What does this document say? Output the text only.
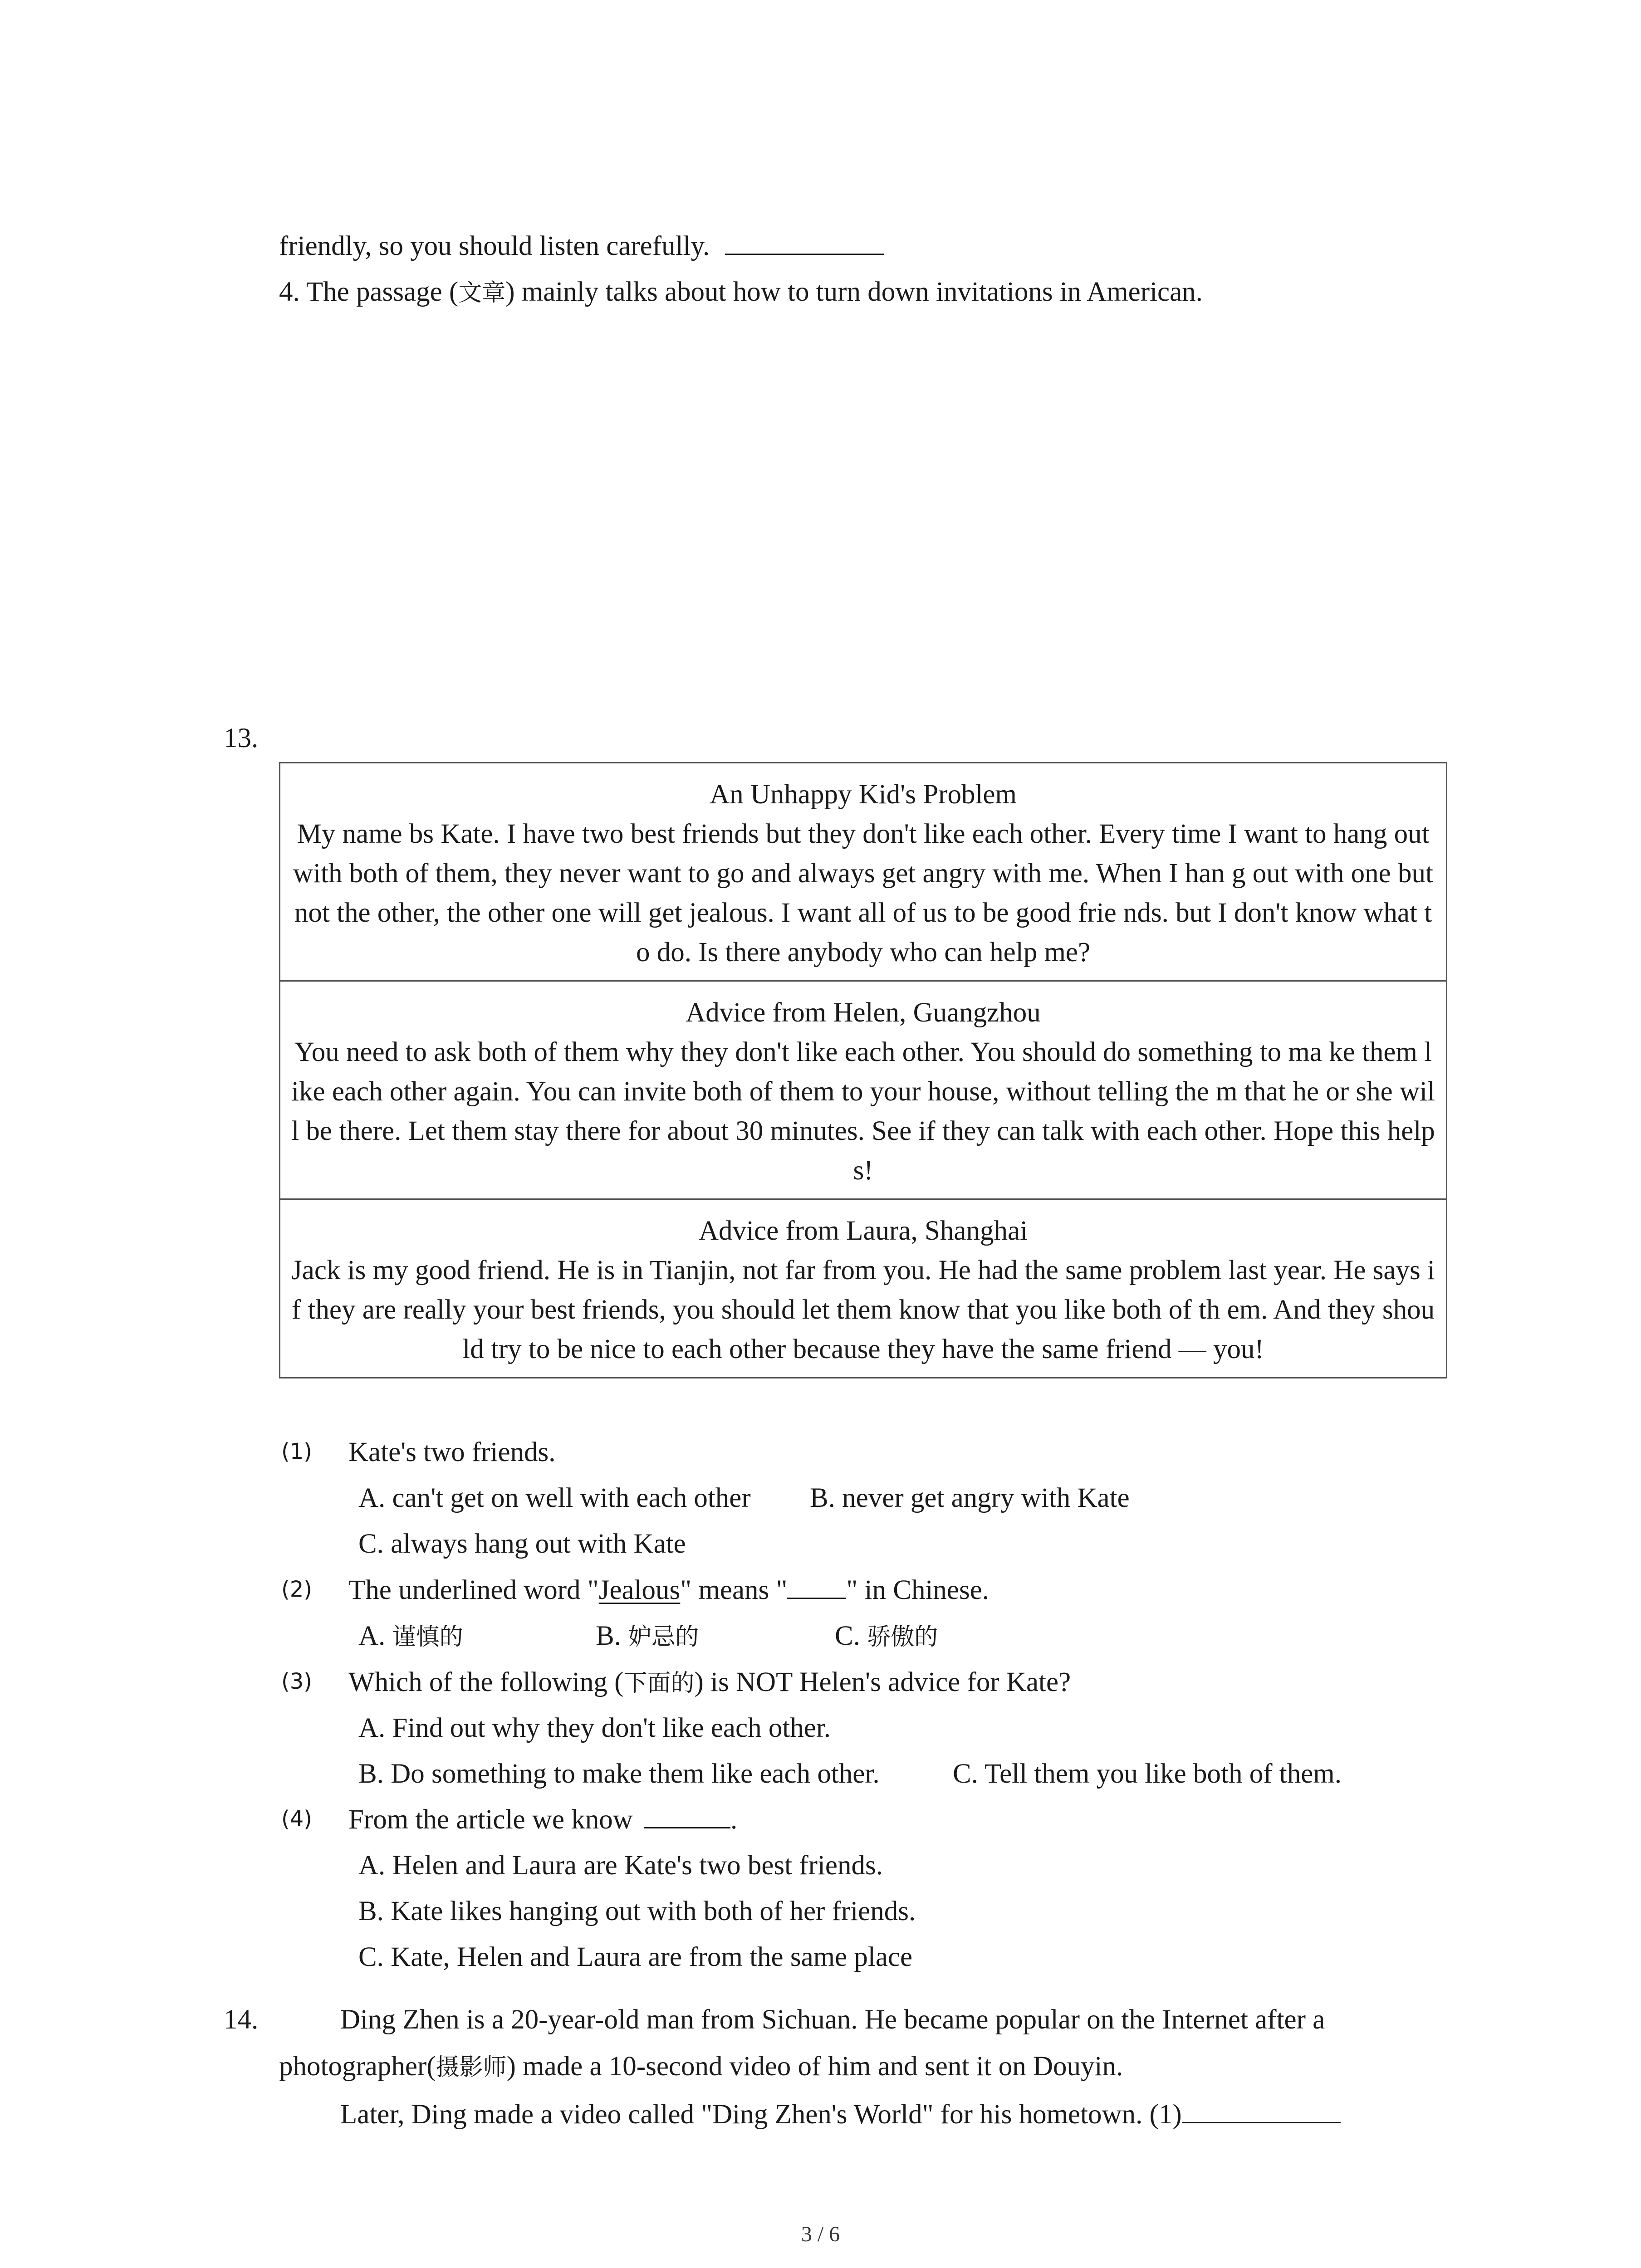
friendly, so you should listen carefully.
4. The passage (文章) mainly talks about how to turn down invitations in American.
13.
An Unhappy Kid's Problem
My name bs Kate. I have two best friends but they don't like each other. Every time I want to hang out with both of them, they never want to go and always get angry with me. When I han g out with one but not the other, the other one will get jealous. I want all of us to be good frie nds. but I don't know what to do. Is there anybody who can help me?
Advice from Helen, Guangzhou
You need to ask both of them why they don't like each other. You should do something to ma ke them like each other again. You can invite both of them to your house, without telling the m that he or she will be there. Let them stay there for about 30 minutes. See if they can talk with each other. Hope this helps!
Advice from Laura, Shanghai
Jack is my good friend. He is in Tianjin, not far from you. He had the same problem last year. He says if they are really your best friends, you should let them know that you like both of th em. And they should try to be nice to each other because they have the same friend — you!
(1) Kate's two friends.
A. can't get on well with each other B. never get angry with Kate
C. always hang out with Kate
(2) The underlined word "Jealous" means " " in Chinese.
A. 谨慎的	B. 妒忌的	C. 骄傲的
(3) Which of the following (下面的) is NOT Helen's advice for Kate?
A. Find out why they don't like each other.
B. Do something to make them like each other.	C. Tell them you like both of them.
(4) From the article we know	.
A. Helen and Laura are Kate's two best friends.
B. Kate likes hanging out with both of her friends.
C. Kate, Helen and Laura are from the same place
14.	Ding Zhen is a 20-year-old man from Sichuan. He became popular on the Internet after a
photographer(摄影师) made a 10-second video of him and sent it on Douyin.
Later, Ding made a video called "Ding Zhen's World" for his hometown. (1)
3 / 6
